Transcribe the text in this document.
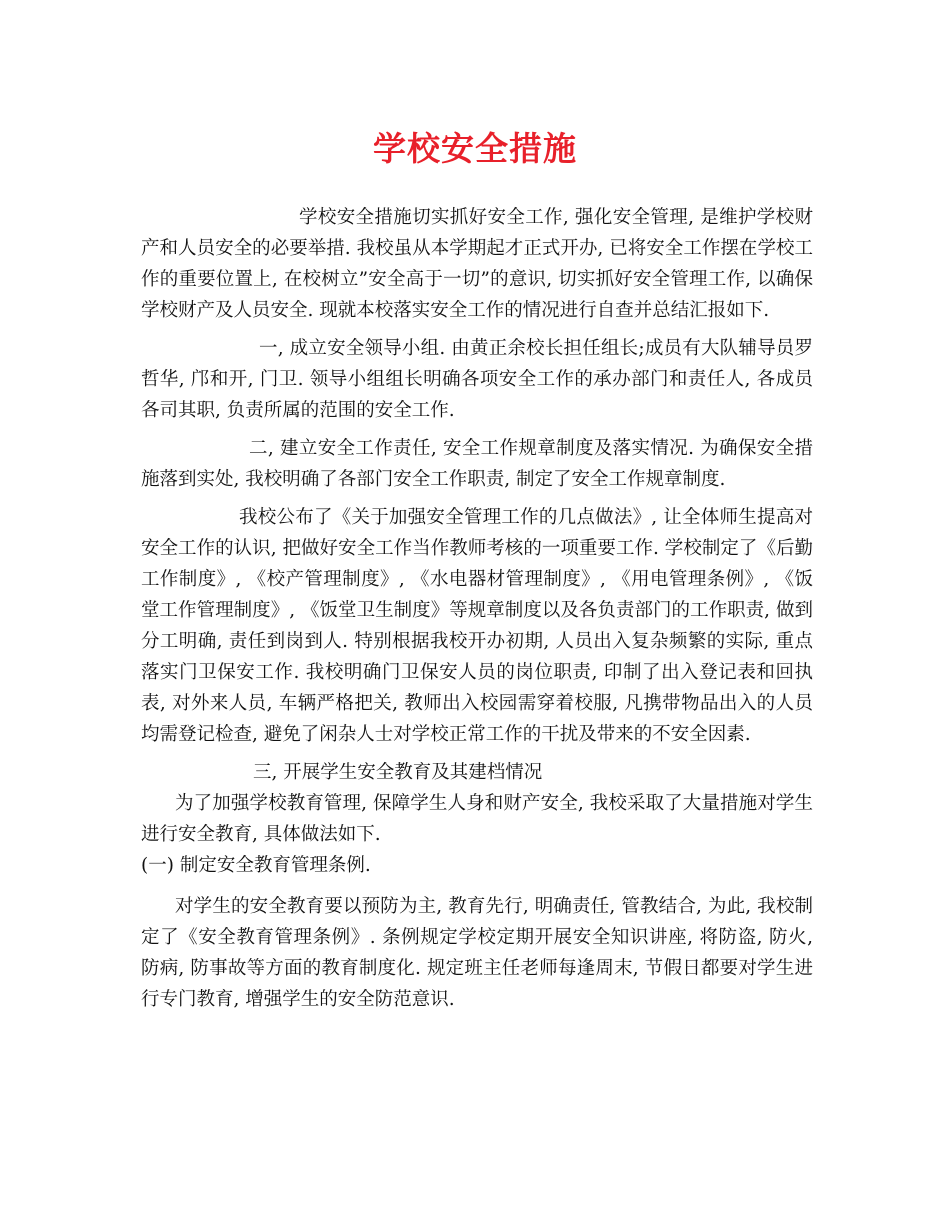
学校安全措施

学校安全措施切实抓好安全工作, 强化安全管理, 是维护学校财产和人员安全的必要举措. 我校虽从本学期起才正式开办, 已将安全工作摆在学校工作的重要位置上, 在校树立”安全高于一切”的意识, 切实抓好安全管理工作, 以确保学校财产及人员安全. 现就本校落实安全工作的情况进行自查并总结汇报如下.

一, 成立安全领导小组. 由黄正余校长担任组长;成员有大队辅导员罗哲华, 邝和开, 门卫. 领导小组组长明确各项安全工作的承办部门和责任人, 各成员各司其职, 负责所属的范围的安全工作.

二, 建立安全工作责任, 安全工作规章制度及落实情况. 为确保安全措施落到实处, 我校明确了各部门安全工作职责, 制定了安全工作规章制度.

我校公布了《关于加强安全管理工作的几点做法》, 让全体师生提高对安全工作的认识, 把做好安全工作当作教师考核的一项重要工作. 学校制定了《后勤工作制度》, 《校产管理制度》, 《水电器材管理制度》, 《用电管理条例》, 《饭堂工作管理制度》, 《饭堂卫生制度》等规章制度以及各负责部门的工作职责, 做到分工明确, 责任到岗到人. 特别根据我校开办初期, 人员出入复杂频繁的实际, 重点落实门卫保安工作. 我校明确门卫保安人员的岗位职责, 印制了出入登记表和回执表, 对外来人员, 车辆严格把关, 教师出入校园需穿着校服, 凡携带物品出入的人员均需登记检查, 避免了闲杂人士对学校正常工作的干扰及带来的不安全因素.

三, 开展学生安全教育及其建档情况

为了加强学校教育管理, 保障学生人身和财产安全, 我校采取了大量措施对学生进行安全教育, 具体做法如下.

(一) 制定安全教育管理条例.

对学生的安全教育要以预防为主, 教育先行, 明确责任, 管教结合, 为此, 我校制定了《安全教育管理条例》. 条例规定学校定期开展安全知识讲座, 将防盗, 防火, 防病, 防事故等方面的教育制度化. 规定班主任老师每逢周末, 节假日都要对学生进行专门教育, 增强学生的安全防范意识.
